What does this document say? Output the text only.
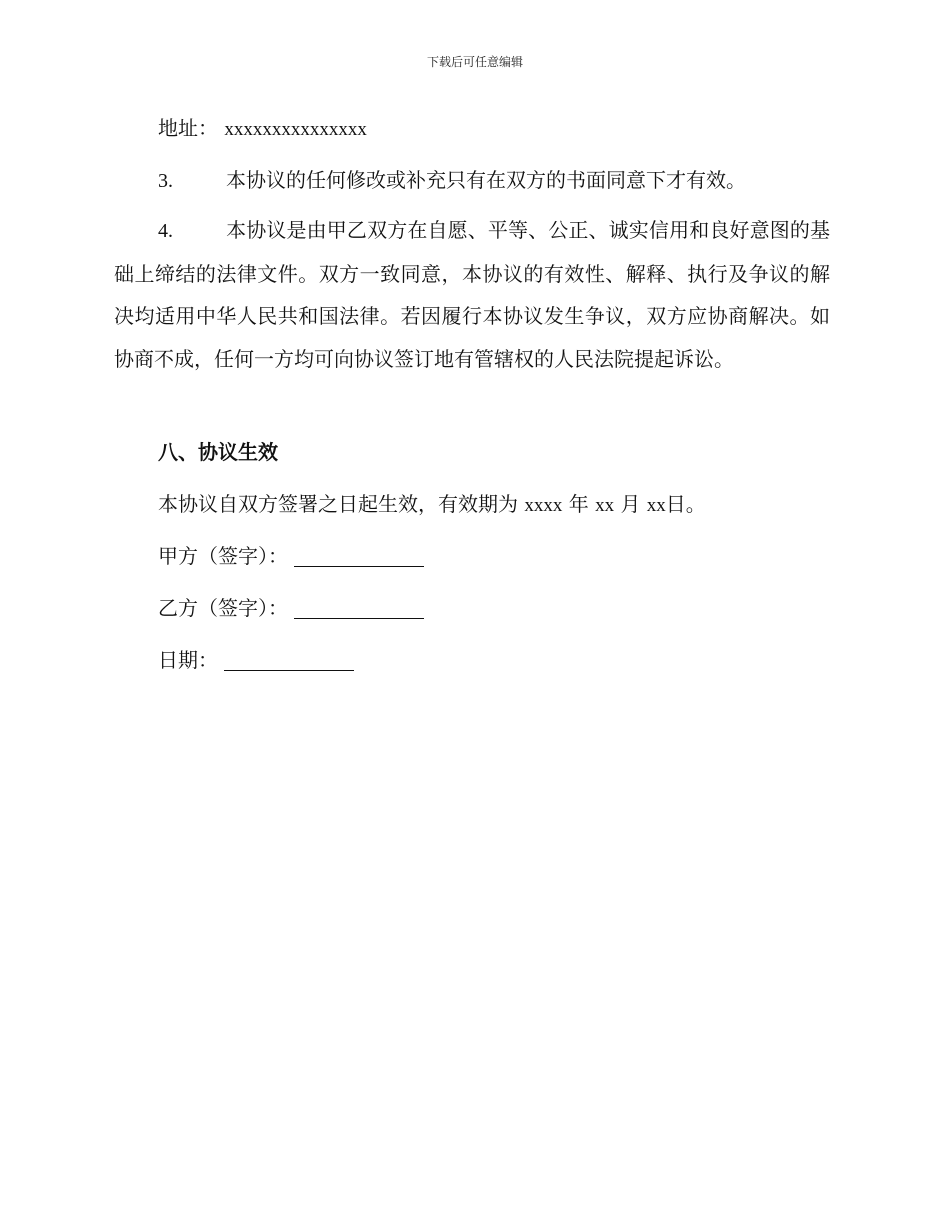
下载后可任意编辑
地址： xxxxxxxxxxxxxxx
3.	本协议的任何修改或补充只有在双方的书面同意下才有效。
4.	本协议是由甲乙双方在自愿、平等、公正、诚实信用和良好意图的基础上缔结的法律文件。双方一致同意，本协议的有效性、解释、执行及争议的解决均适用中华人民共和国法律。若因履行本协议发生争议，双方应协商解决。如协商不成，任何一方均可向协议签订地有管辖权的人民法院提起诉讼。
八、协议生效
本协议自双方签署之日起生效，有效期为 xxxx 年 xx 月 xx日。
甲方（签字）：
乙方（签字）：
日期：
